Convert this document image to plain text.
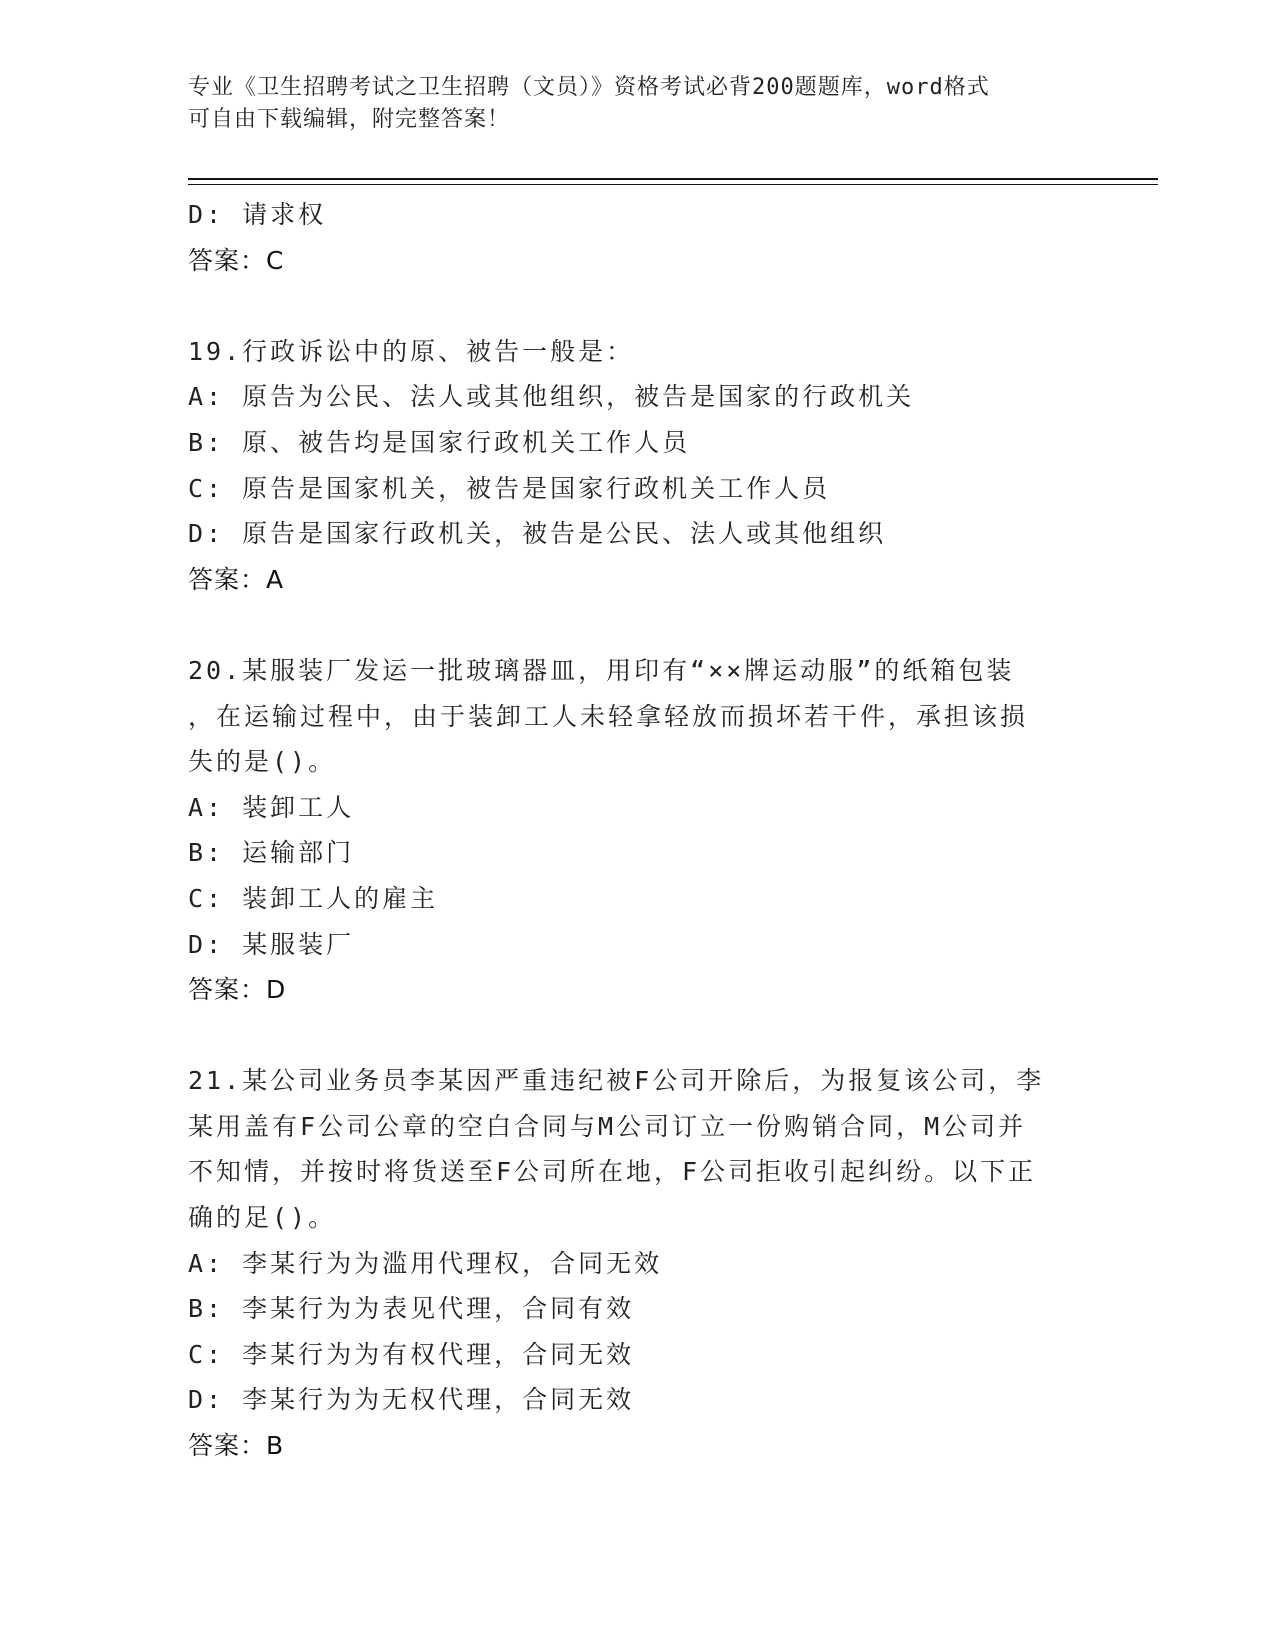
专业《卫生招聘考试之卫生招聘（文员）》资格考试必背200题题库，word格式
可自由下载编辑，附完整答案！
D: 请求权
答案：C
19.行政诉讼中的原、被告一般是：
A: 原告为公民、法人或其他组织，被告是国家的行政机关
B: 原、被告均是国家行政机关工作人员
C: 原告是国家机关，被告是国家行政机关工作人员
D: 原告是国家行政机关，被告是公民、法人或其他组织
答案：A
20.某服装厂发运一批玻璃器皿，用印有“××牌运动服”的纸箱包装
，在运输过程中，由于装卸工人未轻拿轻放而损坏若干件，承担该损
失的是()。
A: 装卸工人
B: 运输部门
C: 装卸工人的雇主
D: 某服装厂
答案：D
21.某公司业务员李某因严重违纪被F公司开除后，为报复该公司，李
某用盖有F公司公章的空白合同与M公司订立一份购销合同，M公司并
不知情，并按时将货送至F公司所在地，F公司拒收引起纠纷。以下正
确的足()。
A: 李某行为为滥用代理权，合同无效
B: 李某行为为表见代理，合同有效
C: 李某行为为有权代理，合同无效
D: 李某行为为无权代理，合同无效
答案：B
